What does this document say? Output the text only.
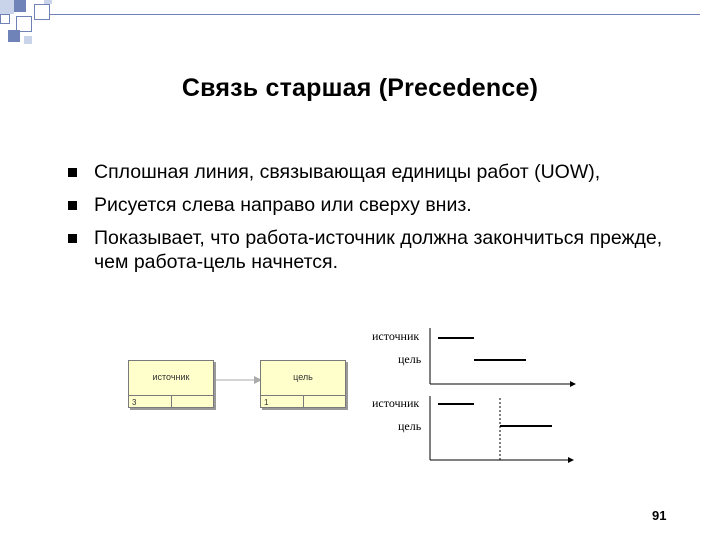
Связь старшая (Precedence)
Сплошная линия, связывающая единицы работ (UOW),
Рисуется слева направо или сверху вниз.
Показывает, что работа-источник должна закончиться прежде, чем работа-цель начнется.
источник
3
цель
1
источник
цель
источник
цель
91
